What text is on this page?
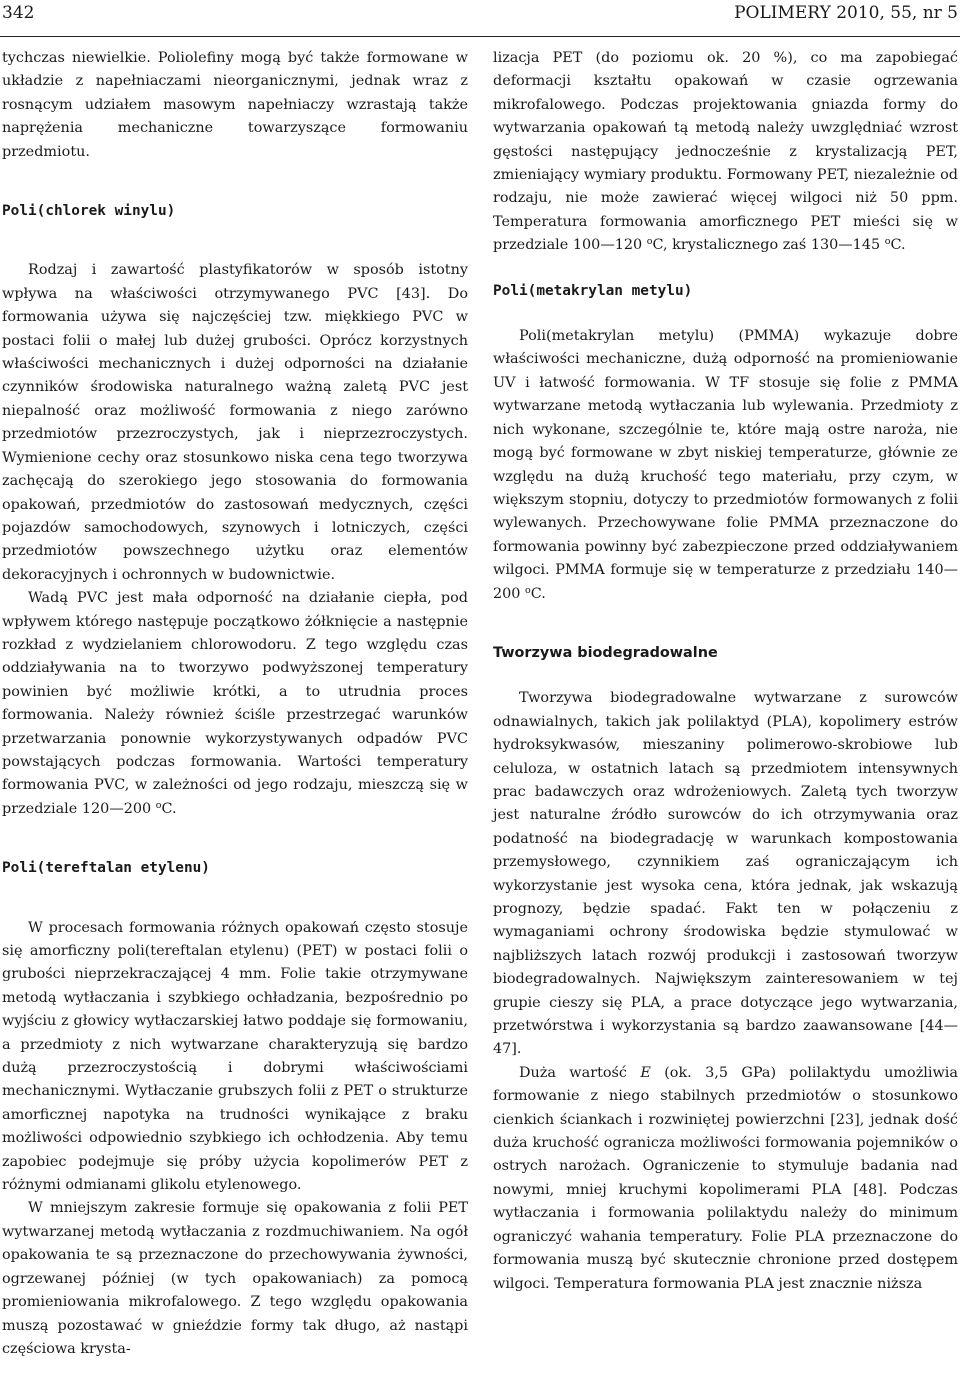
342	POLIMERY 2010, 55, nr 5

tychczas niewielkie. Poliolefiny mogą być także formowane w układzie z napełniaczami nieorganicznymi, jednak wraz z rosnącym udziałem masowym napełniaczy wzrastają także naprężenia mechaniczne towarzyszące formowaniu przedmiotu.

Poli(chlorek winylu)

Rodzaj i zawartość plastyfikatorów w sposób istotny wpływa na właściwości otrzymywanego PVC [43]. Do formowania używa się najczęściej tzw. miękkiego PVC w postaci folii o małej lub dużej grubości. Oprócz korzystnych właściwości mechanicznych i dużej odporności na działanie czynników środowiska naturalnego ważną zaletą PVC jest niepalność oraz możliwość formowania z niego zarówno przedmiotów przezroczystych, jak i nieprzezroczystych. Wymienione cechy oraz stosunkowo niska cena tego tworzywa zachęcają do szerokiego jego stosowania do formowania opakowań, przedmiotów do zastosowań medycznych, części pojazdów samochodowych, szynowych i lotniczych, części przedmiotów powszechnego użytku oraz elementów dekoracyjnych i ochronnych w budownictwie.

Wadą PVC jest mała odporność na działanie ciepła, pod wpływem którego następuje początkowo żółknięcie a następnie rozkład z wydzielaniem chlorowodoru. Z tego względu czas oddziaływania na to tworzywo podwyższonej temperatury powinien być możliwie krótki, a to utrudnia proces formowania. Należy również ściśle przestrzegać warunków przetwarzania ponownie wykorzystywanych odpadów PVC powstających podczas formowania. Wartości temperatury formowania PVC, w zależności od jego rodzaju, mieszczą się w przedziale 120—200 $^o$C.

Poli(tereftalan etylenu)

W procesach formowania różnych opakowań często stosuje się amorficzny poli(tereftalan etylenu) (PET) w postaci folii o grubości nieprzekraczającej 4 mm. Folie takie otrzymywane metodą wytłaczania i szybkiego ochładzania, bezpośrednio po wyjściu z głowicy wytłaczarskiej łatwo poddaje się formowaniu, a przedmioty z nich wytwarzane charakteryzują się bardzo dużą przezroczystością i dobrymi właściwościami mechanicznymi. Wytłaczanie grubszych folii z PET o strukturze amorficznej napotyka na trudności wynikające z braku możliwości odpowiednio szybkiego ich ochłodzenia. Aby temu zapobiec podejmuje się próby użycia kopolimerów PET z różnymi odmianami glikolu etylenowego.

W mniejszym zakresie formuje się opakowania z folii PET wytwarzanej metodą wytłaczania z rozdmuchiwaniem. Na ogół opakowania te są przeznaczone do przechowywania żywności, ogrzewanej później (w tych opakowaniach) za pomocą promieniowania mikrofalowego. Z tego względu opakowania muszą pozostawać w gnieździe formy tak długo, aż nastąpi częściowa krysta-

lizacja PET (do poziomu ok. 20 %), co ma zapobiegać deformacji kształtu opakowań w czasie ogrzewania mikrofalowego. Podczas projektowania gniazda formy do wytwarzania opakowań tą metodą należy uwzględniać wzrost gęstości następujący jednocześnie z krystalizacją PET, zmieniający wymiary produktu. Formowany PET, niezależnie od rodzaju, nie może zawierać więcej wilgoci niż 50 ppm. Temperatura formowania amorficznego PET mieści się w przedziale 100—120 $^o$C, krystalicznego zaś 130—145 $^o$C.

Poli(metakrylan metylu)

Poli(metakrylan metylu) (PMMA) wykazuje dobre właściwości mechaniczne, dużą odporność na promieniowanie UV i łatwość formowania. W TF stosuje się folie z PMMA wytwarzane metodą wytłaczania lub wylewania. Przedmioty z nich wykonane, szczególnie te, które mają ostre naroża, nie mogą być formowane w zbyt niskiej temperaturze, głównie ze względu na dużą kruchość tego materiału, przy czym, w większym stopniu, dotyczy to przedmiotów formowanych z folii wylewanych. Przechowywane folie PMMA przeznaczone do formowania powinny być zabezpieczone przed oddziaływaniem wilgoci. PMMA formuje się w temperaturze z przedziału 140—200 $^o$C.

Tworzywa biodegradowalne

Tworzywa biodegradowalne wytwarzane z surowców odnawialnych, takich jak polilaktyd (PLA), kopolimery estrów hydroksykwasów, mieszaniny polimerowo-skrobiowe lub celuloza, w ostatnich latach są przedmiotem intensywnych prac badawczych oraz wdrożeniowych. Zaletą tych tworzyw jest naturalne źródło surowców do ich otrzymywania oraz podatność na biodegradację w warunkach kompostowania przemysłowego, czynnikiem zaś ograniczającym ich wykorzystanie jest wysoka cena, która jednak, jak wskazują prognozy, będzie spadać. Fakt ten w połączeniu z wymaganiami ochrony środowiska będzie stymulować w najbliższych latach rozwój produkcji i zastosowań tworzyw biodegradowalnych. Największym zainteresowaniem w tej grupie cieszy się PLA, a prace dotyczące jego wytwarzania, przetwórstwa i wykorzystania są bardzo zaawansowane [44—47].

Duża wartość E (ok. 3,5 GPa) polilaktydu umożliwia formowanie z niego stabilnych przedmiotów o stosunkowo cienkich ściankach i rozwiniętej powierzchni [23], jednak dość duża kruchość ogranicza możliwości formowania pojemników o ostrych narożach. Ograniczenie to stymuluje badania nad nowymi, mniej kruchymi kopolimerami PLA [48]. Podczas wytłaczania i formowania polilaktydu należy do minimum ograniczyć wahania temperatury. Folie PLA przeznaczone do formowania muszą być skutecznie chronione przed dostępem wilgoci. Temperatura formowania PLA jest znacznie niższa
